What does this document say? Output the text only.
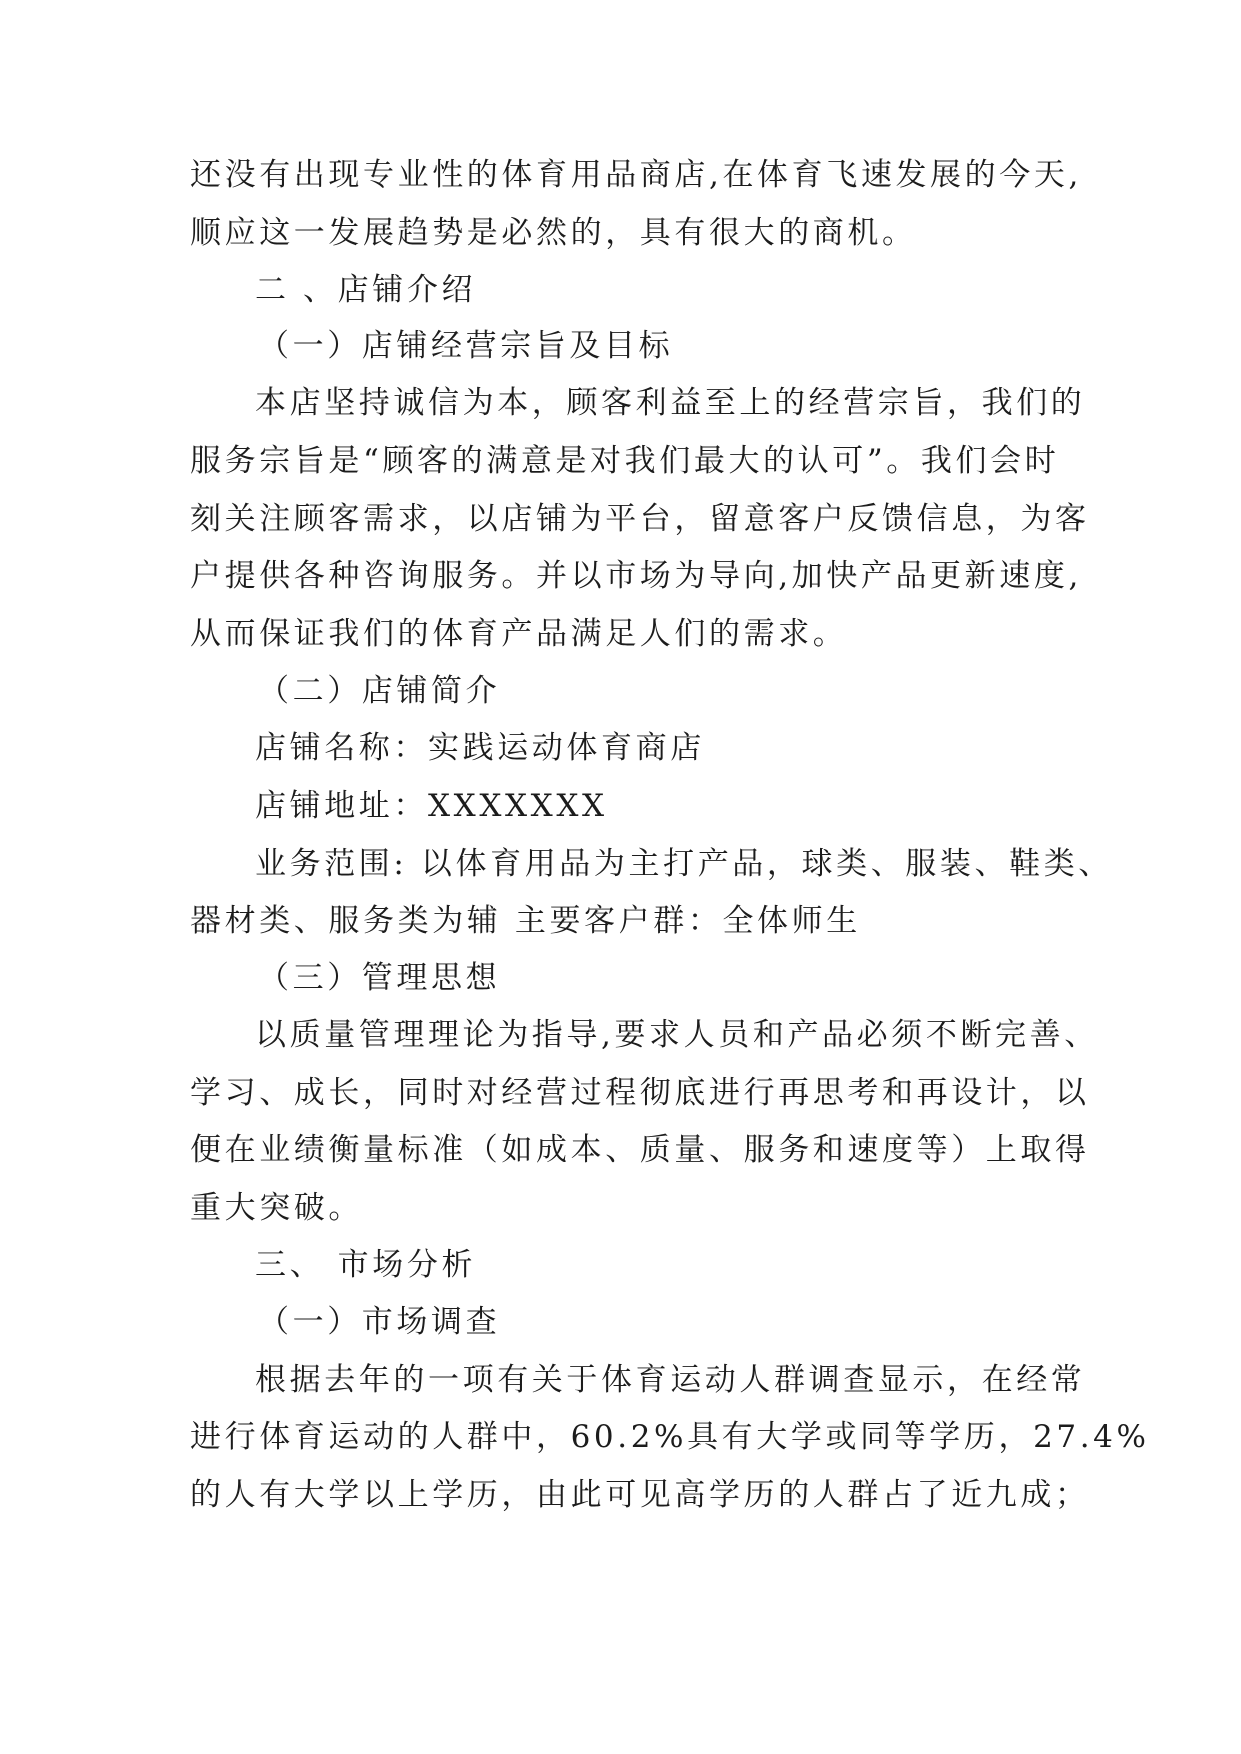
还没有出现专业性的体育用品商店,在体育飞速发展的今天,
顺应这一发展趋势是必然的，具有很大的商机。
二 、店铺介绍
（一）店铺经营宗旨及目标
本店坚持诚信为本，顾客利益至上的经营宗旨，我们的
服务宗旨是“顾客的满意是对我们最大的认可”。我们会时
刻关注顾客需求，以店铺为平台，留意客户反馈信息，为客
户提供各种咨询服务。并以市场为导向,加快产品更新速度,
从而保证我们的体育产品满足人们的需求。
（二）店铺简介
店铺名称：实践运动体育商店
店铺地址：XXXXXXX
业务范围: 以体育用品为主打产品，球类、服装、鞋类、
器材类、服务类为辅 主要客户群：全体师生
（三）管理思想
以质量管理理论为指导,要求人员和产品必须不断完善、
学习、成长，同时对经营过程彻底进行再思考和再设计，以
便在业绩衡量标准（如成本、质量、服务和速度等）上取得
重大突破。
三、 市场分析
（一）市场调查
根据去年的一项有关于体育运动人群调查显示，在经常
进行体育运动的人群中，60.2%具有大学或同等学历，27.4%
的人有大学以上学历，由此可见高学历的人群占了近九成；
